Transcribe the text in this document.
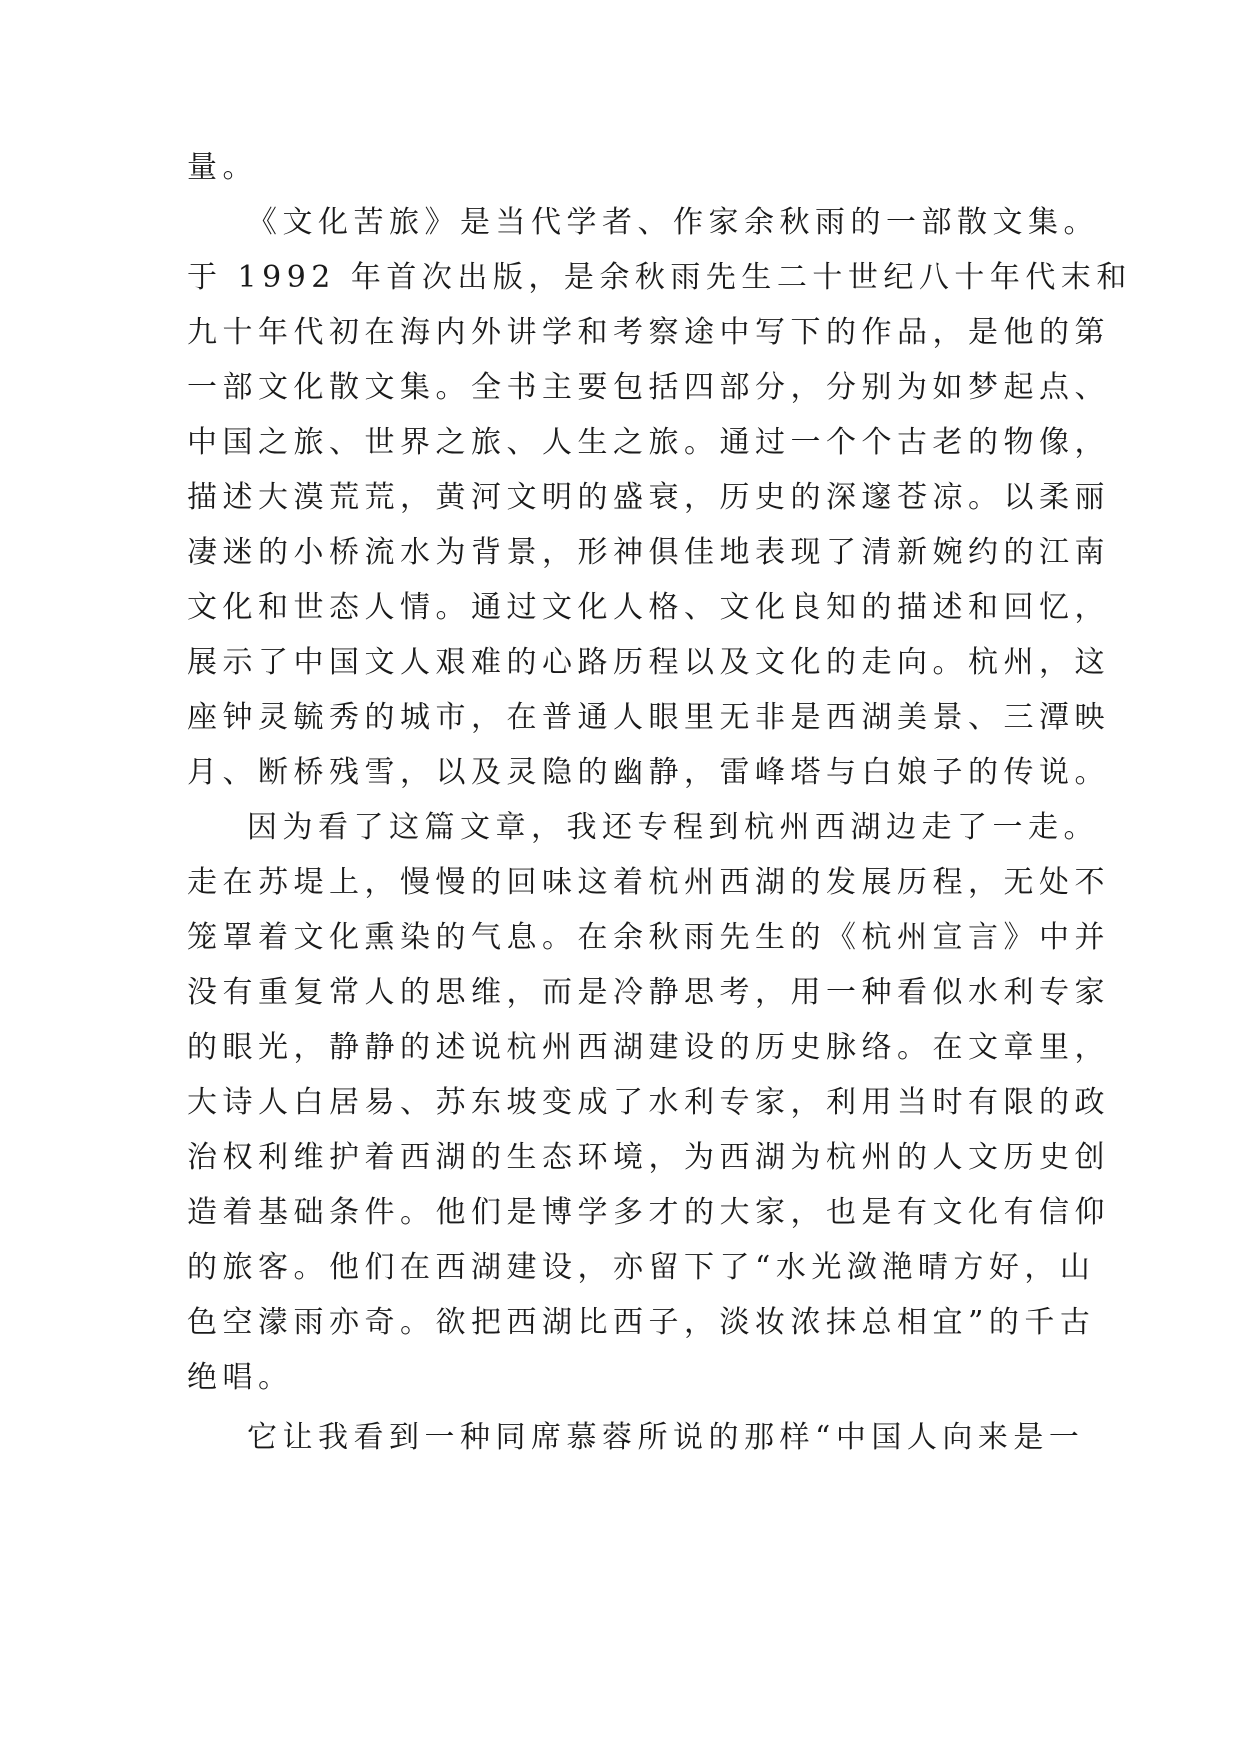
量。
《文化苦旅》是当代学者、作家余秋雨的一部散文集。
于 1992 年首次出版，是余秋雨先生二十世纪八十年代末和
九十年代初在海内外讲学和考察途中写下的作品，是他的第
一部文化散文集。全书主要包括四部分，分别为如梦起点、
中国之旅、世界之旅、人生之旅。通过一个个古老的物像，
描述大漠荒荒，黄河文明的盛衰，历史的深邃苍凉。以柔丽
凄迷的小桥流水为背景，形神俱佳地表现了清新婉约的江南
文化和世态人情。通过文化人格、文化良知的描述和回忆，
展示了中国文人艰难的心路历程以及文化的走向。杭州，这
座钟灵毓秀的城市，在普通人眼里无非是西湖美景、三潭映
月、断桥残雪，以及灵隐的幽静，雷峰塔与白娘子的传说。
因为看了这篇文章，我还专程到杭州西湖边走了一走。
走在苏堤上，慢慢的回味这着杭州西湖的发展历程，无处不
笼罩着文化熏染的气息。在余秋雨先生的《杭州宣言》中并
没有重复常人的思维，而是冷静思考，用一种看似水利专家
的眼光，静静的述说杭州西湖建设的历史脉络。在文章里，
大诗人白居易、苏东坡变成了水利专家，利用当时有限的政
治权利维护着西湖的生态环境，为西湖为杭州的人文历史创
造着基础条件。他们是博学多才的大家，也是有文化有信仰
的旅客。他们在西湖建设，亦留下了“水光潋滟晴方好，山
色空濛雨亦奇。欲把西湖比西子，淡妆浓抹总相宜”的千古
绝唱。
它让我看到一种同席慕蓉所说的那样“中国人向来是一
